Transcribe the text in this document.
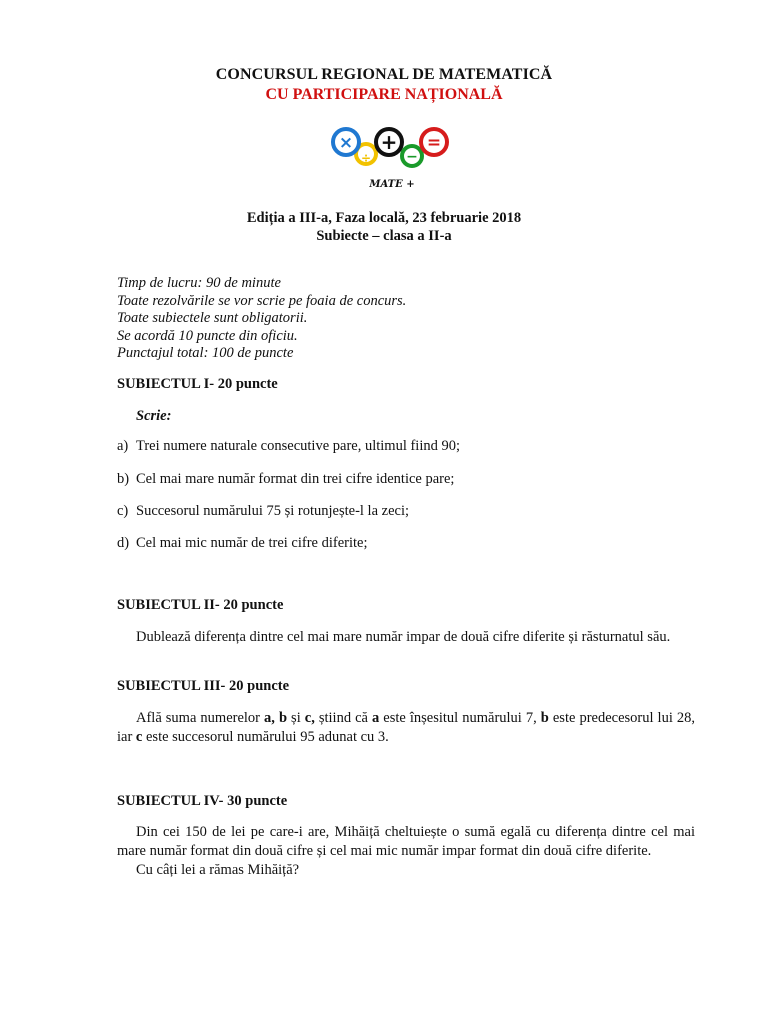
CONCURSUL REGIONAL DE MATEMATICĂ
CU PARTICIPARE NAȚIONALĂ
× + =
÷	−
MATE +
Ediția a III-a, Faza locală, 23 februarie 2018
Subiecte – clasa a II-a
Timp de lucru: 90 de minute
Toate rezolvările se vor scrie pe foaia de concurs.
Toate subiectele sunt obligatorii.
Se acordă 10 puncte din oficiu.
Punctajul total: 100 de puncte
SUBIECTUL I- 20 puncte
Scrie:
a) Trei numere naturale consecutive pare, ultimul fiind 90;
b) Cel mai mare număr format din trei cifre identice pare;
c) Succesorul numărului 75 și rotunjește-l la zeci;
d) Cel mai mic număr de trei cifre diferite;
SUBIECTUL II- 20 puncte
Dublează diferența dintre cel mai mare număr impar de două cifre diferite și răsturnatul său.
SUBIECTUL III- 20 puncte
Află suma numerelor a, b și c, știind că a este înșesitul numărului 7, b este predecesorul lui 28, iar c este succesorul numărului 95 adunat cu 3.
SUBIECTUL IV- 30 puncte
Din cei 150 de lei pe care-i are, Mihăiță cheltuiește o sumă egală cu diferența dintre cel mai mare număr format din două cifre și cel mai mic număr impar format din două cifre diferite.
Cu câți lei a rămas Mihăiță?
